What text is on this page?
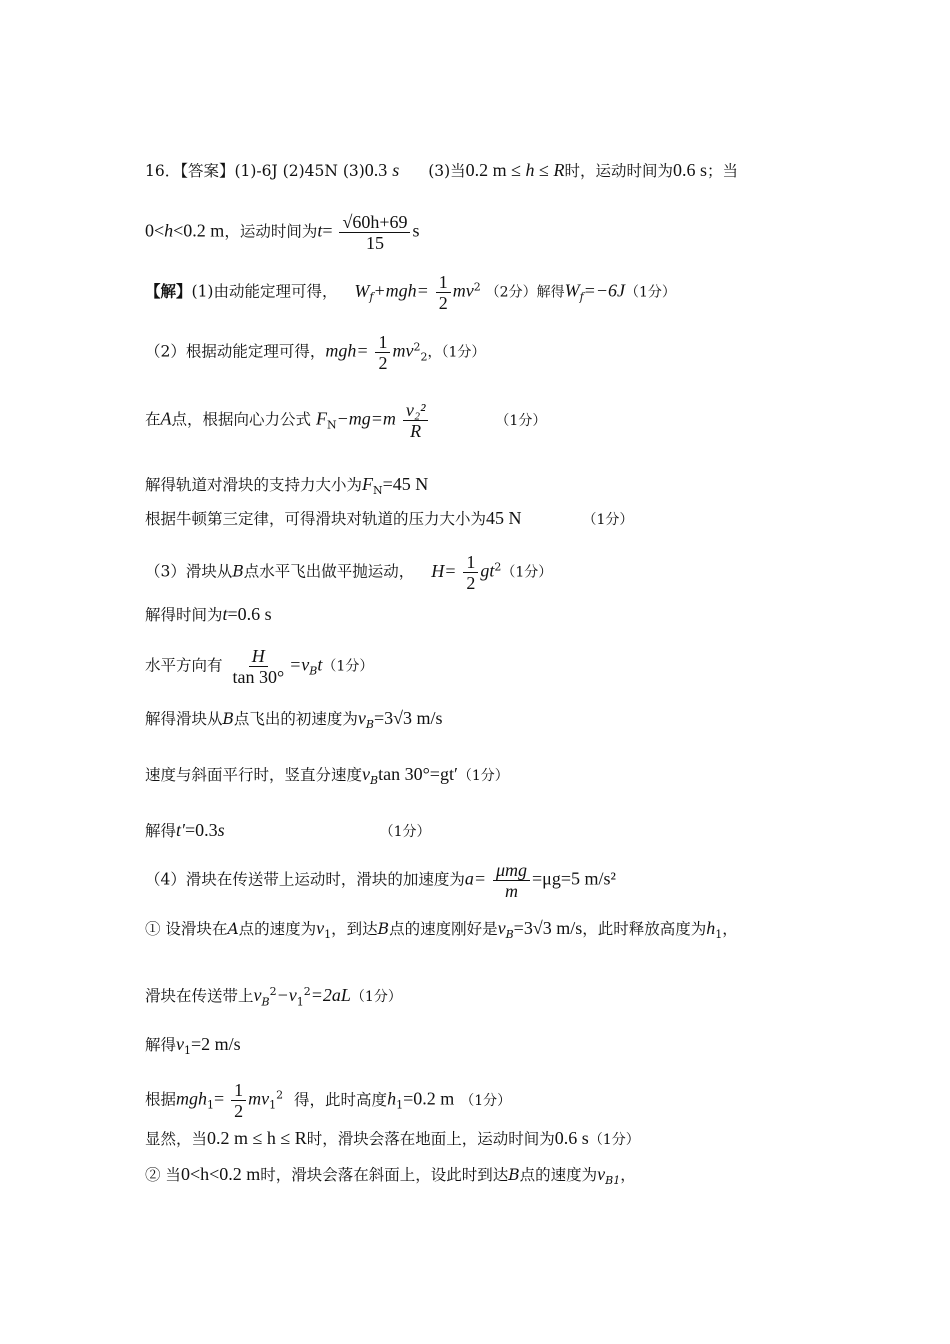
16．【答案】(1)-6J (2)45N (3)0.3 s (3)当0.2 m ≤ h ≤ R时，运动时间为0.6 s；当
0<h<0.2 m，运动时间为$t= \frac{√60h+69}{15}$ s
【解】(1)由动能定理可得， $W_f+mgh= \frac{1}{2} mv^2$ （2分）解得$W_f=-6J(1$分）
（2）根据动能定理可得，$mgh= \frac{1}{2} mv^2_2$，（1分）
在A点，根据向心力公式 $F_N-mg=m \frac{\text{v₂²}}{R}$	（1分）
解得轨道对滑块的支持力大小为$F_N=45$ N
根据牛顿第三定律，可得滑块对轨道的压力大小为45 N	（1分）
（3）滑块从B点水平飞出做平抛运动， $H= \frac{1}{2} gt^2(1$分）
解得时间为t=0.6 s
水平方向有 $\frac{H}{\tan 30^\circ} =v_Bt(1$分）
解得滑块从B点飞出的初速度为$v_B=3√3$ m/s
速度与斜面平行时，竖直分速度$v_B\tan$ 30°=gt′（1分）
解得t′=0.3s	（1分）
（4）滑块在传送带上运动时，滑块的加速度为$a= \frac{\text{μmg}}{m} =\mu g=5$ m/s²
① 设滑块在A点的速度为$v_1$，到达B点的速度刚好是$v_B=3√3$ m/s，此时释放高度为$h_1$，
滑块在传送带上$v_B^2-v_1^2=2aL(1$分）
解得$v_1=2$ m/s
根据$mgh_1= \frac{1}{2} mv_1^2$ 得，此时高度$h_1=0.2$ m （1分）
显然，当0.2 m ≤ h ≤ R时，滑块会落在地面上，运动时间为0.6 s（1分）
② 当0<h<0.2 m时，滑块会落在斜面上，设此时到达B点的速度为$v_{B1}$，
